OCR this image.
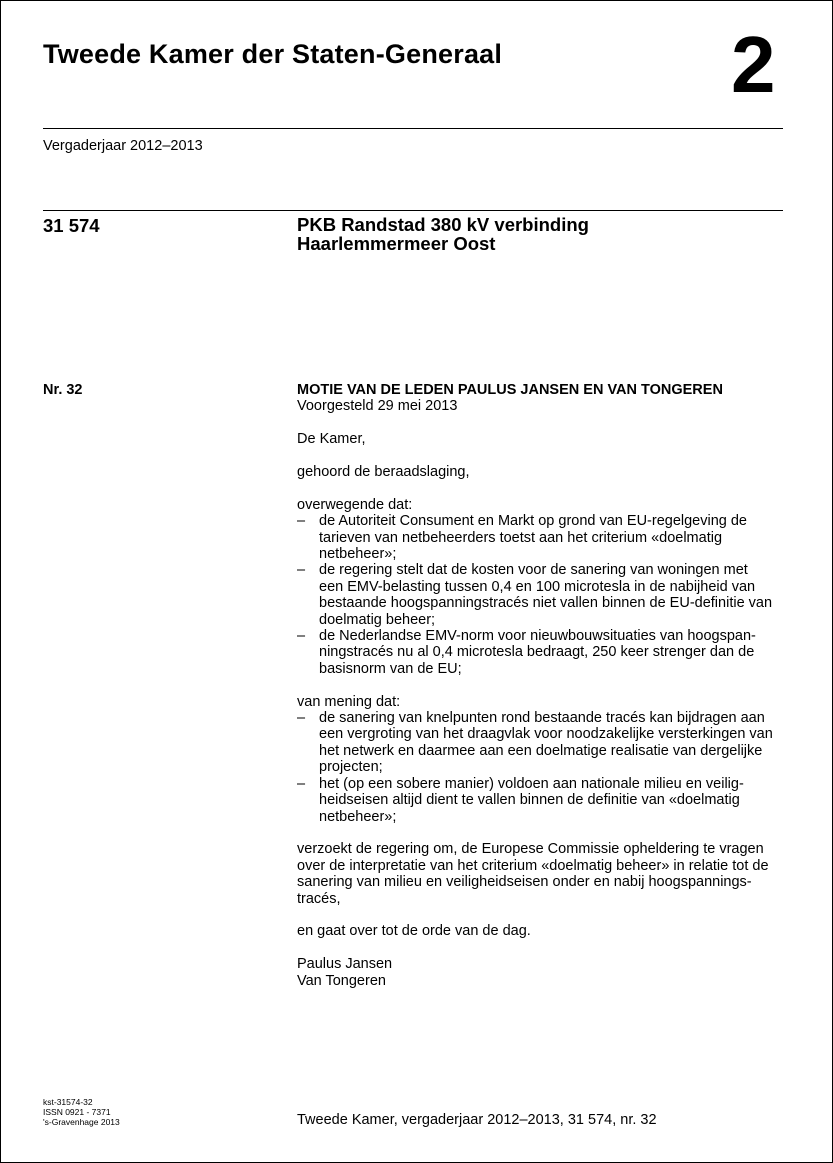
Tweede Kamer der Staten-Generaal	2
Vergaderjaar 2012–2013
31 574	PKB Randstad 380 kV verbinding
Haarlemmermeer Oost
Nr. 32	MOTIE VAN DE LEDEN PAULUS JANSEN EN VAN TONGEREN
Voorgesteld 29 mei 2013
De Kamer,
gehoord de beraadslaging,
overwegende dat:
– de Autoriteit Consument en Markt op grond van EU-regelgeving de
tarieven van netbeheerders toetst aan het criterium «doelmatig
netbeheer»;
– de regering stelt dat de kosten voor de sanering van woningen met
een EMV-belasting tussen 0,4 en 100 microtesla in de nabijheid van
bestaande hoogspanningstracés niet vallen binnen de EU-definitie van
doelmatig beheer;
– de Nederlandse EMV-norm voor nieuwbouwsituaties van hoogspan-
ningstracés nu al 0,4 microtesla bedraagt, 250 keer strenger dan de
basisnorm van de EU;
van mening dat:
– de sanering van knelpunten rond bestaande tracés kan bijdragen aan
een vergroting van het draagvlak voor noodzakelijke versterkingen van
het netwerk en daarmee aan een doelmatige realisatie van dergelijke
projecten;
– het (op een sobere manier) voldoen aan nationale milieu en veilig-
heidseisen altijd dient te vallen binnen de definitie van «doelmatig
netbeheer»;
verzoekt de regering om, de Europese Commissie opheldering te vragen
over de interpretatie van het criterium «doelmatig beheer» in relatie tot de
sanering van milieu en veiligheidseisen onder en nabij hoogspannings-
tracés,
en gaat over tot de orde van de dag.
Paulus Jansen
Van Tongeren
kst-31574-32
ISSN 0921 - 7371
's-Gravenhage 2013	Tweede Kamer, vergaderjaar 2012–2013, 31 574, nr. 32
